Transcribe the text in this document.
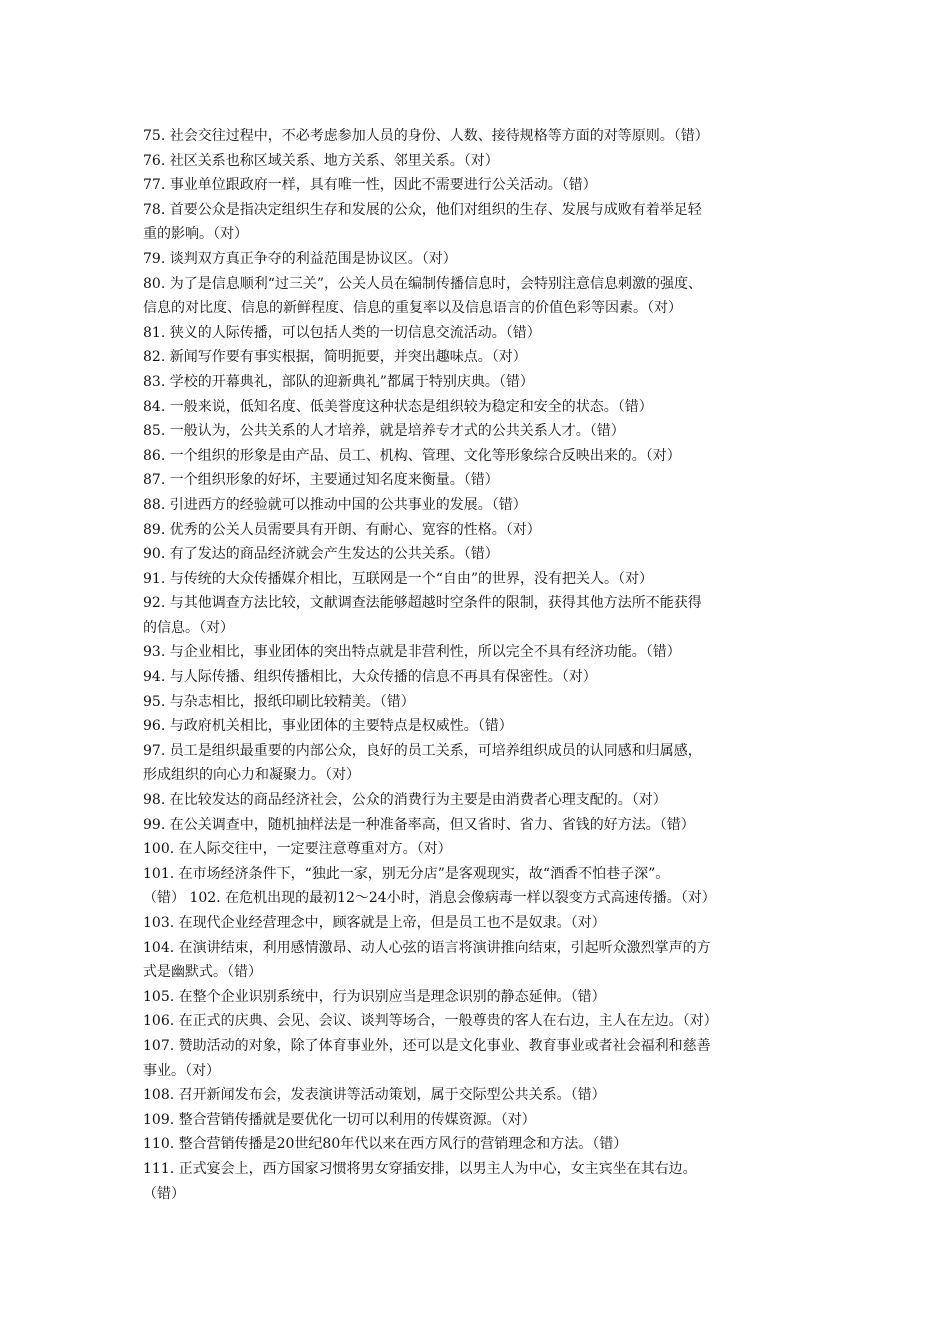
75. 社会交往过程中，不必考虑参加人员的身份、人数、接待规格等方面的对等原则。（错）
76. 社区关系也称区域关系、地方关系、邻里关系。（对）
77. 事业单位跟政府一样，具有唯一性，因此不需要进行公关活动。（错）
78. 首要公众是指决定组织生存和发展的公众，他们对组织的生存、发展与成败有着举足轻
重的影响。（对）
79. 谈判双方真正争夺的利益范围是协议区。（对）
80. 为了是信息顺利“过三关”，公关人员在编制传播信息时，会特别注意信息刺激的强度、
信息的对比度、信息的新鲜程度、信息的重复率以及信息语言的价值色彩等因素。（对）
81. 狭义的人际传播，可以包括人类的一切信息交流活动。（错）
82. 新闻写作要有事实根据，简明扼要，并突出趣味点。（对）
83. 学校的开幕典礼，部队的迎新典礼”都属于特别庆典。（错）
84. 一般来说，低知名度、低美誉度这种状态是组织较为稳定和安全的状态。（错）
85. 一般认为，公共关系的人才培养，就是培养专才式的公共关系人才。（错）
86. 一个组织的形象是由产品、员工、机构、管理、文化等形象综合反映出来的。（对）
87. 一个组织形象的好坏，主要通过知名度来衡量。（错）
88. 引进西方的经验就可以推动中国的公共事业的发展。（错）
89. 优秀的公关人员需要具有开朗、有耐心、宽容的性格。（对）
90. 有了发达的商品经济就会产生发达的公共关系。（错）
91. 与传统的大众传播媒介相比，互联网是一个“自由”的世界，没有把关人。（对）
92. 与其他调查方法比较，文献调查法能够超越时空条件的限制，获得其他方法所不能获得
的信息。（对）
93. 与企业相比，事业团体的突出特点就是非营利性，所以完全不具有经济功能。（错）
94. 与人际传播、组织传播相比，大众传播的信息不再具有保密性。（对）
95. 与杂志相比，报纸印刷比较精美。（错）
96. 与政府机关相比，事业团体的主要特点是权威性。（错）
97. 员工是组织最重要的内部公众，良好的员工关系，可培养组织成员的认同感和归属感，
形成组织的向心力和凝聚力。（对）
98. 在比较发达的商品经济社会，公众的消费行为主要是由消费者心理支配的。（对）
99. 在公关调查中，随机抽样法是一种准备率高，但又省时、省力、省钱的好方法。（错）
100. 在人际交往中，一定要注意尊重对方。（对）
101. 在市场经济条件下，“独此一家，别无分店”是客观现实，故“酒香不怕巷子深”。
（错） 102. 在危机出现的最初12～24小时，消息会像病毒一样以裂变方式高速传播。（对）
103. 在现代企业经营理念中，顾客就是上帝，但是员工也不是奴隶。（对）
104. 在演讲结束，利用感情激昂、动人心弦的语言将演讲推向结束，引起听众激烈掌声的方
式是幽默式。（错）
105. 在整个企业识别系统中，行为识别应当是理念识别的静态延伸。（错）
106. 在正式的庆典、会见、会议、谈判等场合，一般尊贵的客人在右边，主人在左边。（对）
107. 赞助活动的对象，除了体育事业外，还可以是文化事业、教育事业或者社会福利和慈善
事业。（对）
108. 召开新闻发布会，发表演讲等活动策划，属于交际型公共关系。（错）
109. 整合营销传播就是要优化一切可以利用的传媒资源。（对）
110. 整合营销传播是20世纪80年代以来在西方风行的营销理念和方法。（错）
111. 正式宴会上，西方国家习惯将男女穿插安排，以男主人为中心，女主宾坐在其右边。
（错）
